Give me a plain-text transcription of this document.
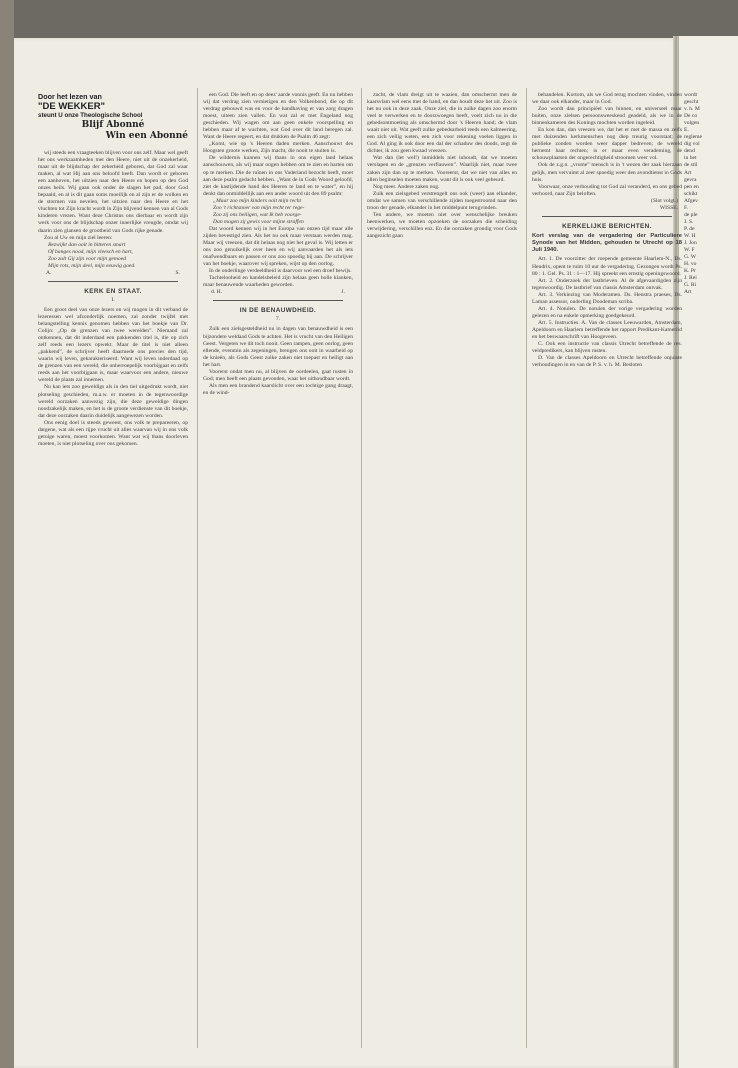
Door het lezen van
"DE WEKKER"
steunt U onze Theologische School
Blijf Abonné
Win een Abonné

wij steeds een vraagteeken blijven voor ons zelf. Maar wel geeft het ons werkzaamheden met den Heere, niet uit de onzekerheid, maar uit de blijdschap der zekerheid geboren, dat God zal waar maken, al wat Hij aan ons beloofd heeft. Dan wordt er geboren een aanhoven, het uitzien naar den Heere en hopen op den God onzes heils. Wij gaan ook onder de slagen het pad, door God bepaald, en al is dit gaan soms moeilijk en al zijn er de wolken en de stormen van nevelen, het uitzien naar den Heere en het vluchten tot Zijn kracht wordt in Zijn blijvend kennen van al Gods kinderen vrezen. Want deze Christus ons dierbaar en wordt zijn werk voor ons de blijdschap onzer innerlijke vreugde, omdat wij daarin zien glansen de grootheid van Gods rijke genade.

Zou al Uw en mijn ziel leeren:

Bezwijkt dan ooit in bitteren smart
Of banges nood, mijn vleesch en hart,
Zoo zult Gij zijn voor mijn gemoed
Mijn rots, mijn deel, mijn eeuwig goed.
A.	S.
KERK EN STAAT.
I.

Een groot deel van onze lezers en wij mogen in dit verband de lezeressen wel afzonderlijk noemen, zal zonder twijfel met belangstelling kennis genomen hebben van het boekje van Dr. Colijn: „Op de grenzen van twee werelden”. Niemand zal ontkennen, dat dit inderdaad een pakkenden titel is, die op zich zelf reeds een lezers opwekt. Maar de titel is niet alleen „pakkend”, de schrijver heeft daarmede ons precies den tijd, waarin wij leven, gekarakteriseerd. Want wij leven inderdaad op de grenzen van een wereld, die onherroepelijk voorbijgaat en zelfs reeds aan het voorbijgaan is, maar waarvoor een andere, nieuwe wereld de plaats zal innemen.

Nu kan iets zoo geweldigs als in den tiel uitgedrukt wordt, niet plotseling geschieden, m.a.w. er moeten in de tegenwoordige wereld oorzaken aanwezig zijn, die deze geweldige dingen noodzakelijk maken, en het is de groote verdienste van dit boekje, dat deze oorzaken daarin duidelijk aangewezen worden.

Ons eenig doel is steeds geweest, ons volk te prepareeren, op datgene, wat als een rijpe vrucht uit alles waarvan wij in ons volk getuige waren, moest voorkomen. Want wat wij thans doorleven moeten, is niet plotseling over ons gekomen.

een God. Die leeft en op deez' aarde vonnis geeft. En nu hebben wij dat verdrag zien vernietigen en den Volkenbond, die op dit verdrag gebouwd was en voor de handhaving er van zorg dragen moest, uiteen zien vallen. En wat zal er met Engeland nog geschieden. Wij wagen om aan geen enkele voorspelling en hebben maar af te wachten, wat God over dit land beregen zal. Want de Heere regeert, en dat drukken de Psalm 46 zegt:

„Komt, wie op 's Heeren daden merken. Aanschouwt des Hoogsten groote werken, Zijn macht, die nooit te stuiten is.

De wildernis kunnen wij thans in ons eigen land helaas aanschouwen, als wij maar oogen hebben om te zien en harten om op te merken. Die de ruïnen in ons Vaderland bezocht heeft, moet aan deze psalm gedacht hebben. „Want de in Gods Woord geloofd, ziet de kastijdende hand des Heeren te land en te water”, en hij denkt dan onmiddellijk aan een ander woord uit den 89 psalm:

„Maar zoo mijn kinders ooit mijn recht
Zoo 't richtsnoer van mijn recht ter rege-
Zoo zij ons heiligen, wat Ik heb voorge-
Dan mogen zij gewis voor mijne straffen

Dat woord kennen wij in het Europa van onzen tijd maar alle zijden bevestigd zien. Als het nu ook maar verstaan werden mag. Maar wij vreezen, dat dit helaas nog niet het geval is. Wij letten er ons zoo genuikelijk over heen en wij aanvaarden het als iets onafwendbaars en passen er ons zoo spoedig bij aan. De schrijver van het boekje, waarover wij spreken, wijst op den oorlog.

In de onderlinge verdeeldheid is daarvoor wel een droef bewijs.

Tachtelooheid en handelsbeleid zijn helaas geen holle klanken, maar benauwende waarheden geworden.

d. H.	J.
IN DE BENAUWDHEID.
7.

Zulk een zielsgesteldheid nu in dagen van benauwdheid is een bijzondere weldaad Gods te achten. Het is vrucht van den Heiligen Geest. Vergeten we dit toch nooit. Geen rampen, geen oorlog, geen ellende, evenmin als zegeningen, brengen ons ooit in waarheid op de knieën, als Gods Geest zulke zaken niet toepast en heiligt aan het hart.

Voorerst ondat men nu, al blijven de oordeelen, gaat rusten in God; men heeft een plaats gevonden, waar het uithoudbaar wordt.

Als men een brandend kaarslicht over een tochtige gang draagt, en de wind-

zucht, de vlam dreigt uit te waaien, dan omschermt men de kaarsvlam wel eens met de hand, en dan houdt deze het uit. Zoo is het nu ook in deze zaak. Onze ziel, die in zulke dagen zoo enorm veel te verwerken en te doorzwoegen heeft, voelt zich nu in die gebedsontmoeting als omschermd door 's Heeren hand; de vlam waait niet uit. Wat geeft zulke gebedsarbeid reeds een kalmeering, een zich veilig weten, een zich voor rekening voelen liggen in God. Al ging ik ook door een dal der schaduw des doods, zegt de dichter, ik zou geen kwaad vreezen.

Wat dan (let wel!) inmiddels niet inhoudt, dat we moeten verslapen en de „grenzen verflauwen”. Waarlijk niet, maar twee zaken zijn dan op te merken. Vooreerst, dat we niet van alles en allen beginselen moeten maken, want dit is ook veel gebeurd.

Nog meer. Andere zaken nog.

Zulk een zielsgebed verstrengelt ons ook (weer) aan elkander, omdat we samen van verschillende zijden toegestroomd naar den troon der genade, elkander in het middelpunt terugvinden.

Ten andere, we moeten niet over wenschelijke breuken heenwerken, we moeten opzoeken de oorzaken die scheiding verwijdering, verschillen enz. En die oorzaken grondig voor Gods aangezicht gaan

behandelen. Kortom, als we God terug mochten vinden, vinden we daar ook elkander, maar in God.

Zoo wordt dan principiëel van binnen, en universeel maar buiten, onze zielsen persoonsweeskend geadeld, als we in de binnenkameren des Konings mochten worden ingeleid.

En kon dan, dan vreezen we, dat het er met de massa en zelfs met duizenden kerkmenschen nog diep treurig voorstaat; de publieke zonden worden weer dapper bedreven; de wereld hernemt haar rechten; is er maar even verademing, de schouwplaatsen der ongerechtigheid stroomen weer vol.

Ook de z.g.n. „vrome” mensch is in 't wezen der zaak hierzaan gelijk, men vervuimt al zeer spoedig weer den avondtienst in Gods huis.

Voorwaar, onze verhouding tot God zal veranderd, en ons gebed verhoord, naar Zijn beloften.

(Slot volgt.)
WISSE.
KERKELIJKE BERICHTEN.

Kort verslag van de vergadering der Particuliere Synode van het Midden, gehouden te Utrecht op 18 Juli 1940.

Art. 1. De voorzitter der roepende gemeente Haarlem-N., Ds. Hendrix, opent te ruim 10 uur de vergadering. Gezongen wordt Ps. 80 : 1. Gel. Ps. 31 : 1—17. Hij spreekt een ernstig openingswoord.

Art. 2. Onderzoek der lastbrieven. Al de afgevaardigden zijn tegenwoordig. De lastbrief van classis Amsterdam ontvak.

Art. 3. Verkiezing van Moderamen. Ds. Henstra praeses, Ds. Laman assessor, ouderling Doodeman scriba.

Art. 4. Notulen. De notulen der vorige vergadering worden gelezen en na enkele opmerking goedgekeurd.

Art. 5. Instructies. A. Van de classes Leeuwarden, Amsterdam, Apeldoorn en Haarlem betreffende het rapport Predikant-Kamerlid en het beswaarschrift van Hoogeveen.

C. Ook een instructie van classis Utrecht betreffende de res. veldpredikers, kan blijven rusten.

D. Van de classes Apeldoorn en Utrecht betreffende onjuiste verhoudingen in en van de P. S. v. h. M. Besloten

wordt
gescht
v. h. M
De co
volgen
E.
regleme
dig vol
dend
in het
de stil
Art
gevra
pen en
schikt
Afgev
F.
de ple
J. S.
P. de
W. H
J. Jon
W. F
G. W
H. vo
K. Pr
J. Rel
G. Ri
Art
